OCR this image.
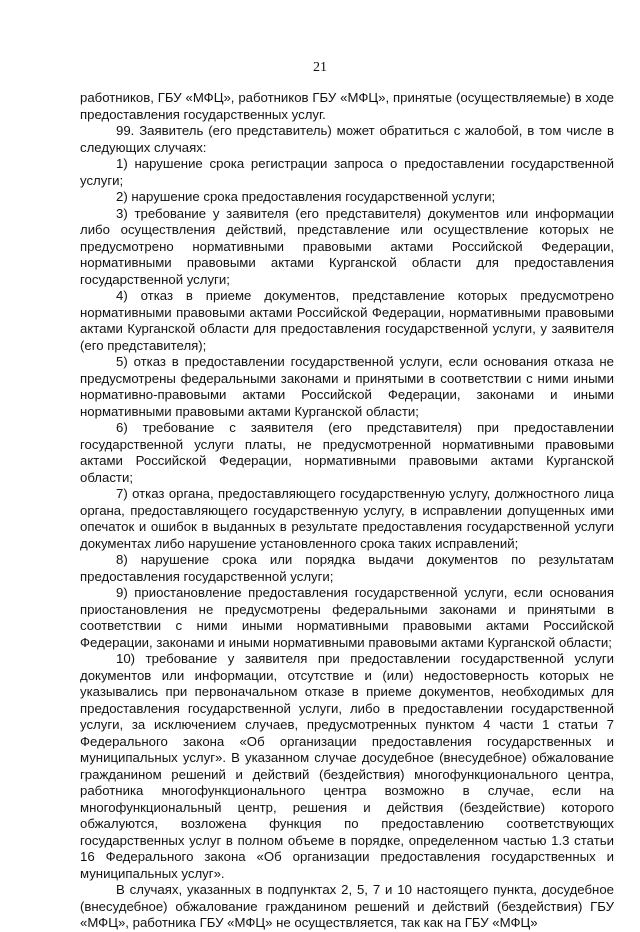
21

работников, ГБУ «МФЦ», работников ГБУ «МФЦ», принятые (осуществляемые) в ходе предоставления государственных услуг.

99. Заявитель (его представитель) может обратиться с жалобой, в том числе в следующих случаях:

1) нарушение срока регистрации запроса о предоставлении государственной услуги;

2) нарушение срока предоставления государственной услуги;

3) требование у заявителя (его представителя) документов или информации либо осуществления действий, представление или осуществление которых не предусмотрено нормативными правовыми актами Российской Федерации, нормативными правовыми актами Курганской области для предоставления государственной услуги;

4) отказ в приеме документов, представление которых предусмотрено нормативными правовыми актами Российской Федерации, нормативными правовыми актами Курганской области для предоставления государственной услуги, у заявителя (его представителя);

5) отказ в предоставлении государственной услуги, если основания отказа не предусмотрены федеральными законами и принятыми в соответствии с ними иными нормативно-правовыми актами Российской Федерации, законами и иными нормативными правовыми актами Курганской области;

6) требование с заявителя (его представителя) при предоставлении государственной услуги платы, не предусмотренной нормативными правовыми актами Российской Федерации, нормативными правовыми актами Курганской области;

7) отказ органа, предоставляющего государственную услугу, должностного лица органа, предоставляющего государственную услугу, в исправлении допущенных ими опечаток и ошибок в выданных в результате предоставления государственной услуги документах либо нарушение установленного срока таких исправлений;

8) нарушение срока или порядка выдачи документов по результатам предоставления государственной услуги;

9) приостановление предоставления государственной услуги, если основания приостановления не предусмотрены федеральными законами и принятыми в соответствии с ними иными нормативными правовыми актами Российской Федерации, законами и иными нормативными правовыми актами Курганской области;

10) требование у заявителя при предоставлении государственной услуги документов или информации, отсутствие и (или) недостоверность которых не указывались при первоначальном отказе в приеме документов, необходимых для предоставления государственной услуги, либо в предоставлении государственной услуги, за исключением случаев, предусмотренных пунктом 4 части 1 статьи 7 Федерального закона «Об организации предоставления государственных и муниципальных услуг». В указанном случае досудебное (внесудебное) обжалование гражданином решений и действий (бездействия) многофункционального центра, работника многофункционального центра возможно в случае, если на многофункциональный центр, решения и действия (бездействие) которого обжалуются, возложена функция по предоставлению соответствующих государственных услуг в полном объеме в порядке, определенном частью 1.3 статьи 16 Федерального закона «Об организации предоставления государственных и муниципальных услуг».

В случаях, указанных в подпунктах 2, 5, 7 и 10 настоящего пункта, досудебное (внесудебное) обжалование гражданином решений и действий (бездействия) ГБУ «МФЦ», работника ГБУ «МФЦ» не осуществляется, так как на ГБУ «МФЦ»
